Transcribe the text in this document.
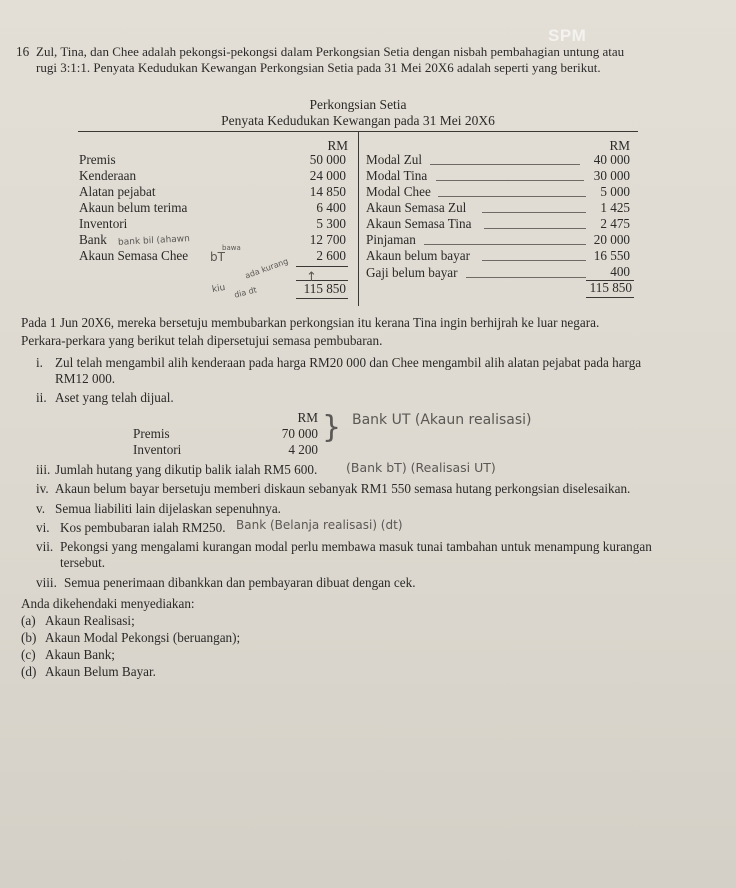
SPM
16 Zul, Tina, dan Chee adalah pekongsi-pekongsi dalam Perkongsian Setia dengan nisbah pembahagian untung atau
rugi 3:1:1. Penyata Kedudukan Kewangan Perkongsian Setia pada 31 Mei 20X6 adalah seperti yang berikut.
Perkongsian Setia
Penyata Kedudukan Kewangan pada 31 Mei 20X6
RM	RM
Premis	50 000
Kenderaan	24 000
Alatan pejabat	14 850
Akaun belum terima	6 400
Inventori	5 300
Bank	12 700
Akaun Semasa Chee	2 600
115 850
Modal Zul	40 000
Modal Tina	30 000
Modal Chee	5 000
Akaun Semasa Zul	1 425
Akaun Semasa Tina	2 475
Pinjaman	20 000
Akaun belum bayar	16 550
Gaji belum bayar	400
115 850
bank bil (ahawn
bawa
bT ada kurang
kiu dia dt
↑
Pada 1 Jun 20X6, mereka bersetuju membubarkan perkongsian itu kerana Tina ingin berhijrah ke luar negara.
Perkara-perkara yang berikut telah dipersetujui semasa pembubaran.
i. Zul telah mengambil alih kenderaan pada harga RM20 000 dan Chee mengambil alih alatan pejabat pada harga
RM12 000.
ii. Aset yang telah dijual.
RM
Premis	70 000
Inventori	4 200
} Bank UT (Akaun realisasi)
iii. Jumlah hutang yang dikutip balik ialah RM5 600. (Bank bT) (Realisasi UT)
iv. Akaun belum bayar bersetuju memberi diskaun sebanyak RM1 550 semasa hutang perkongsian diselesaikan.
v. Semua liabiliti lain dijelaskan sepenuhnya.
vi. Kos pembubaran ialah RM250. Bank (Belanja realisasi) (dt)
vii. Pekongsi yang mengalami kurangan modal perlu membawa masuk tunai tambahan untuk menampung kurangan
tersebut.
viii. Semua penerimaan dibankkan dan pembayaran dibuat dengan cek.
Anda dikehendaki menyediakan:
(a) Akaun Realisasi;
(b) Akaun Modal Pekongsi (beruangan);
(c) Akaun Bank;
(d) Akaun Belum Bayar.
